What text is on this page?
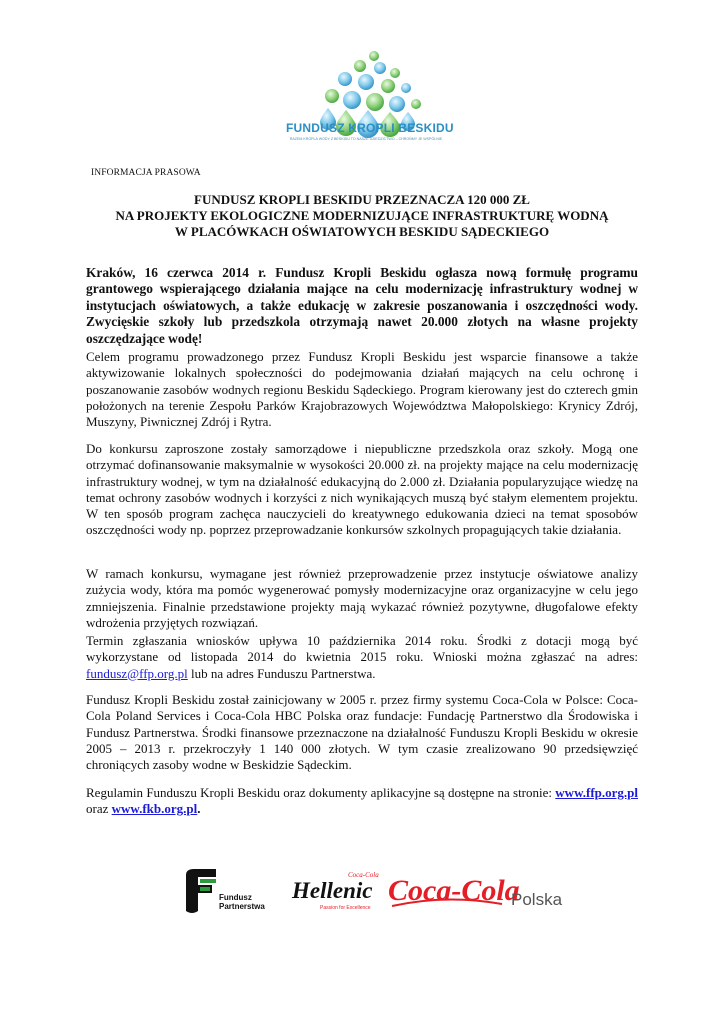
FUNDUSZ KROPLI BESKIDU
RAZEM KROPLA WODY Z BESKIDU TO NASZE DZIEDZICTWO – CHROŃMY JE WSPÓLNIE
INFORMACJA PRASOWA
FUNDUSZ KROPLI BESKIDU PRZEZNACZA 120 000 ZŁ
NA PROJEKTY EKOLOGICZNE MODERNIZUJĄCE INFRASTRUKTURĘ WODNĄ
W PLACÓWKACH OŚWIATOWYCH BESKIDU SĄDECKIEGO
Kraków, 16 czerwca 2014 r. Fundusz Kropli Beskidu ogłasza nową formułę programu grantowego wspierającego działania mające na celu modernizację infrastruktury wodnej w instytucjach oświatowych, a także edukację w zakresie poszanowania i oszczędności wody. Zwycięskie szkoły lub przedszkola otrzymają nawet 20.000 złotych na własne projekty oszczędzające wodę!
Celem programu prowadzonego przez Fundusz Kropli Beskidu jest wsparcie finansowe a także aktywizowanie lokalnych społeczności do podejmowania działań mających na celu ochronę i poszanowanie zasobów wodnych regionu Beskidu Sądeckiego. Program kierowany jest do czterech gmin położonych na terenie Zespołu Parków Krajobrazowych Województwa Małopolskiego: Krynicy Zdrój, Muszyny, Piwnicznej Zdrój i Rytra.
Do konkursu zaproszone zostały samorządowe i niepubliczne przedszkola oraz szkoły. Mogą one otrzymać dofinansowanie maksymalnie w wysokości 20.000 zł. na projekty mające na celu modernizację infrastruktury wodnej, w tym na działalność edukacyjną do 2.000 zł. Działania popularyzujące wiedzę na temat ochrony zasobów wodnych i korzyści z nich wynikających muszą być stałym elementem projektu. W ten sposób program zachęca nauczycieli do kreatywnego edukowania dzieci na temat sposobów oszczędności wody np. poprzez przeprowadzanie konkursów szkolnych propagujących takie działania.
W ramach konkursu, wymagane jest również przeprowadzenie przez instytucje oświatowe analizy zużycia wody, która ma pomóc wygenerować pomysły modernizacyjne oraz organizacyjne w celu jego zmniejszenia. Finalnie przedstawione projekty mają wykazać również pozytywne, długofalowe efekty wdrożenia przyjętych rozwiązań.
Termin zgłaszania wniosków upływa 10 października 2014 roku. Środki z dotacji mogą być wykorzystane od listopada 2014 do kwietnia 2015 roku. Wnioski można zgłaszać na adres: fundusz@ffp.org.pl lub na adres Funduszu Partnerstwa.
Fundusz Kropli Beskidu został zainicjowany w 2005 r. przez firmy systemu Coca-Cola w Polsce: Coca-Cola Poland Services i Coca-Cola HBC Polska oraz fundacje: Fundację Partnerstwo dla Środowiska i Fundusz Partnerstwa. Środki finansowe przeznaczone na działalność Funduszu Kropli Beskidu w okresie 2005 – 2013 r. przekroczyły 1 140 000 złotych. W tym czasie zrealizowano 90 przedsięwzięć chroniących zasoby wodne w Beskidzie Sądeckim.
Regulamin Funduszu Kropli Beskidu oraz dokumenty aplikacyjne są dostępne na stronie: www.ffp.org.pl oraz www.fkb.org.pl.
Fundusz
Partnerstwa
Coca-Cola
Hellenic
Passion for Excellence
Coca-Cola
Polska
